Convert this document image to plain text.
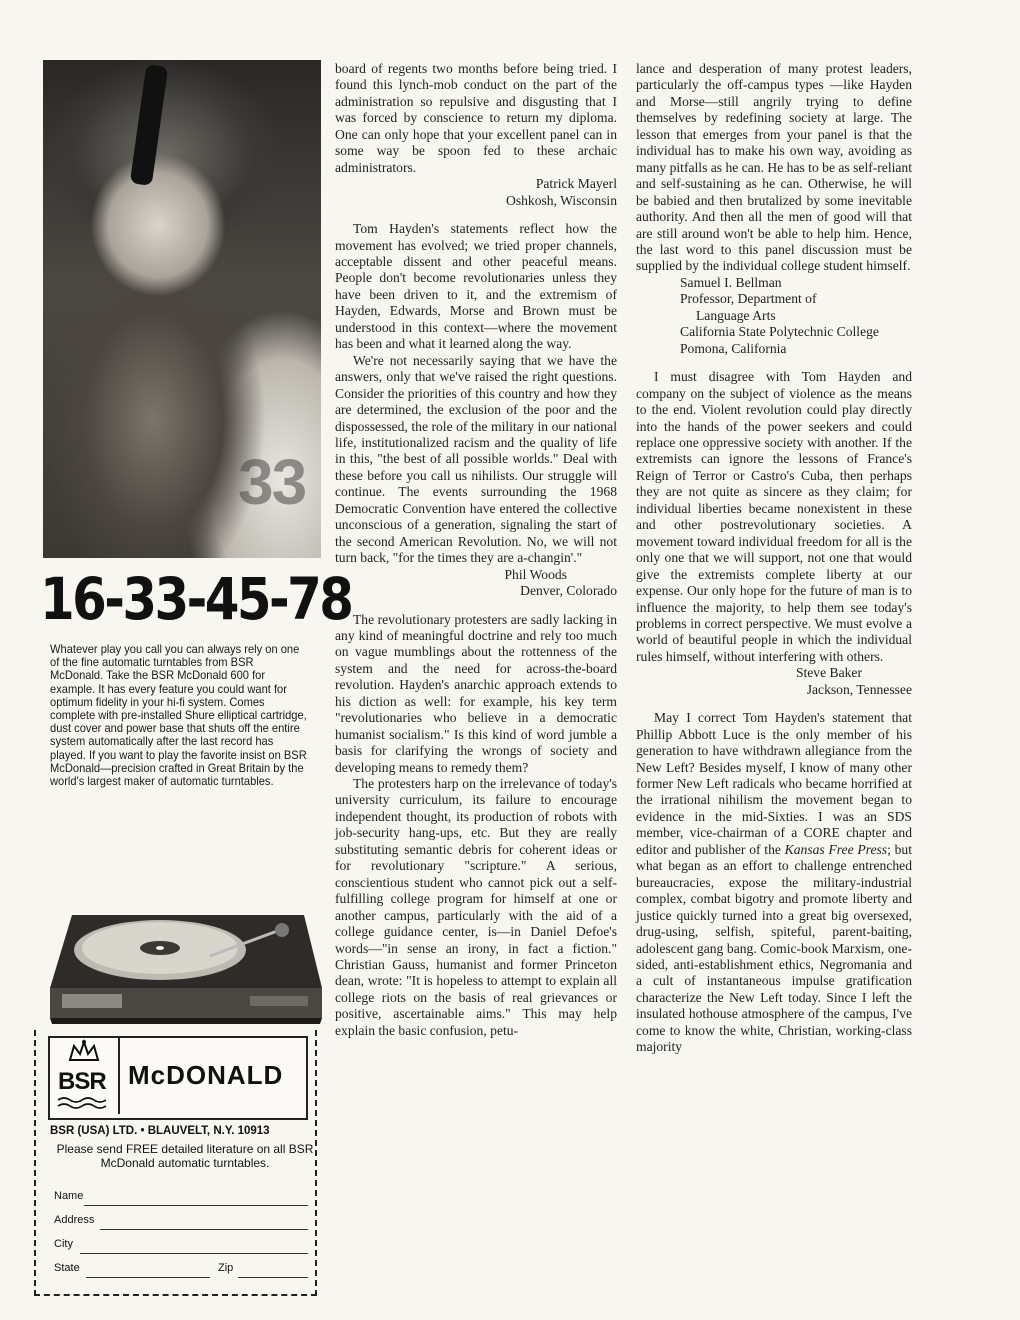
33
16-33-45-78
Whatever play you call you can always rely on one of the fine automatic turntables from BSR McDonald. Take the BSR McDonald 600 for example. It has every feature you could want for optimum fidelity in your hi-fi system. Comes complete with pre-installed Shure elliptical cartridge, dust cover and power base that shuts off the entire system automatically after the last record has played. If you want to play the favorite insist on BSR McDonald—precision crafted in Great Britain by the world's largest maker of automatic turntables.
BSR McDONALD
BSR (USA) LTD. • BLAUVELT, N.Y. 10913
Please send FREE detailed literature on all BSR McDonald automatic turntables.
Name
Address
City
State	Zip

board of regents two months before being tried. I found this lynch-mob conduct on the part of the administration so repulsive and disgusting that I was forced by conscience to return my diploma. One can only hope that your excellent panel can in some way be spoon fed to these archaic administrators.

Patrick Mayerl

Oshkosh, Wisconsin

Tom Hayden's statements reflect how the movement has evolved; we tried proper channels, acceptable dissent and other peaceful means. People don't become revolutionaries unless they have been driven to it, and the extremism of Hayden, Edwards, Morse and Brown must be understood in this context—where the movement has been and what it learned along the way.

We're not necessarily saying that we have the answers, only that we've raised the right questions. Consider the priorities of this country and how they are determined, the exclusion of the poor and the dispossessed, the role of the military in our national life, institutionalized racism and the quality of life in this, "the best of all possible worlds." Deal with these before you call us nihilists. Our struggle will continue. The events surrounding the 1968 Democratic Convention have entered the collective unconscious of a generation, signaling the start of the second American Revolution. No, we will not turn back, "for the times they are a-changin'."

Phil Woods

Denver, Colorado

The revolutionary protesters are sadly lacking in any kind of meaningful doctrine and rely too much on vague mumblings about the rottenness of the system and the need for across-the-board revolution. Hayden's anarchic approach extends to his diction as well: for example, his key term "revolutionaries who believe in a democratic humanist socialism." Is this kind of word jumble a basis for clarifying the wrongs of society and developing means to remedy them?

The protesters harp on the irrelevance of today's university curriculum, its failure to encourage independent thought, its production of robots with job-security hang-ups, etc. But they are really substituting semantic debris for coherent ideas or for revolutionary "scripture." A serious, conscientious student who cannot pick out a self-fulfilling college program for himself at one or another campus, particularly with the aid of a college guidance center, is—in Daniel Defoe's words—"in sense an irony, in fact a fiction." Christian Gauss, humanist and former Princeton dean, wrote: "It is hopeless to attempt to explain all college riots on the basis of real grievances or positive, ascertainable aims." This may help explain the basic confusion, petu-

lance and desperation of many protest leaders, particularly the off-campus types —like Hayden and Morse—still angrily trying to define themselves by redefining society at large. The lesson that emerges from your panel is that the individual has to make his own way, avoiding as many pitfalls as he can. He has to be as self-reliant and self-sustaining as he can. Otherwise, he will be babied and then brutalized by some inevitable authority. And then all the men of good will that are still around won't be able to help him. Hence, the last word to this panel discussion must be supplied by the individual college student himself.

Samuel I. Bellman

Professor, Department of

Language Arts

California State Polytechnic College

Pomona, California

I must disagree with Tom Hayden and company on the subject of violence as the means to the end. Violent revolution could play directly into the hands of the power seekers and could replace one oppressive society with another. If the extremists can ignore the lessons of France's Reign of Terror or Castro's Cuba, then perhaps they are not quite as sincere as they claim; for individual liberties became nonexistent in these and other postrevolutionary societies. A movement toward individual freedom for all is the only one that we will support, not one that would give the extremists complete liberty at our expense. Our only hope for the future of man is to influence the majority, to help them see today's problems in correct perspective. We must evolve a world of beautiful people in which the individual rules himself, without interfering with others.

Steve Baker

Jackson, Tennessee

May I correct Tom Hayden's statement that Phillip Abbott Luce is the only member of his generation to have withdrawn allegiance from the New Left? Besides myself, I know of many other former New Left radicals who became horrified at the irrational nihilism the movement began to evidence in the mid-Sixties. I was an SDS member, vice-chairman of a CORE chapter and editor and publisher of the Kansas Free Press; but what began as an effort to challenge entrenched bureaucracies, expose the military-industrial complex, combat bigotry and promote liberty and justice quickly turned into a great big oversexed, drug-using, selfish, spiteful, parent-baiting, adolescent gang bang. Comic-book Marxism, one-sided, anti-establishment ethics, Negromania and a cult of instantaneous impulse gratification characterize the New Left today. Since I left the insulated hothouse atmosphere of the campus, I've come to know the white, Christian, working-class majority
